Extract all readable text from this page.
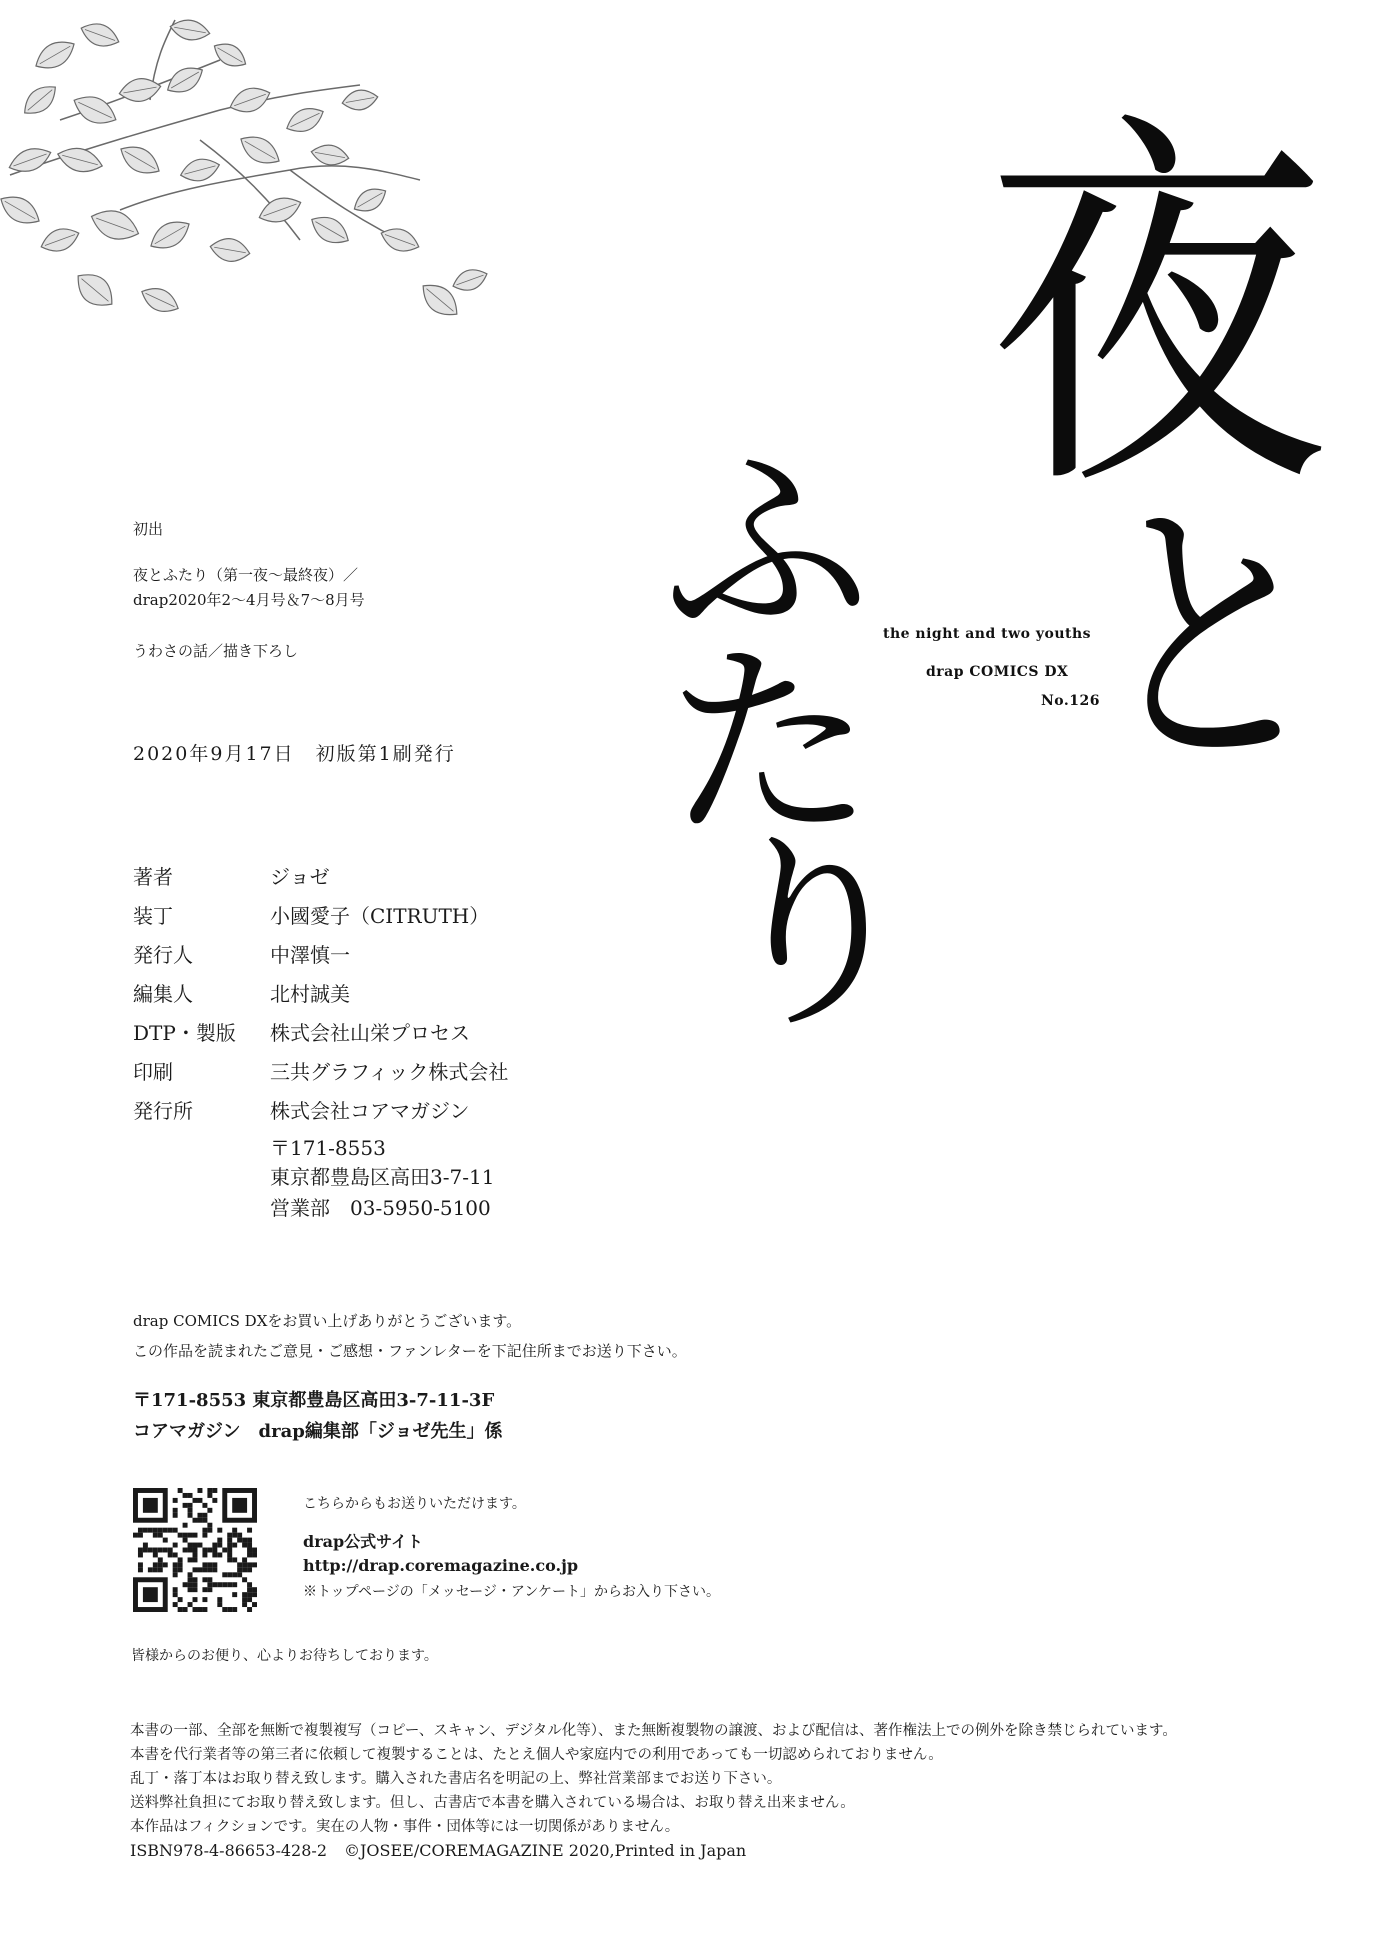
夜
と
ふ
た
り
the night and two youths
drap COMICS DX
No.126
初出
夜とふたり（第一夜〜最終夜）／
drap2020年2〜4月号＆7〜8月号
うわさの話／描き下ろし
2020年9月17日　初版第1刷発行
著者	ジョゼ
装丁	小國愛子（CITRUTH）
発行人	中澤慎一
編集人	北村誠美
DTP・製版 株式会社山栄プロセス
印刷	三共グラフィック株式会社
発行所	株式会社コアマガジン
〒171-8553
東京都豊島区高田3-7-11
営業部　03-5950-5100
drap COMICS DXをお買い上げありがとうございます。
この作品を読まれたご意見・ご感想・ファンレターを下記住所までお送り下さい。
〒171-8553 東京都豊島区高田3-7-11-3F
コアマガジン　drap編集部「ジョゼ先生」係
こちらからもお送りいただけます。
drap公式サイト
http://drap.coremagazine.co.jp
※トップページの「メッセージ・アンケート」からお入り下さい。
皆様からのお便り、心よりお待ちしております。
本書の一部、全部を無断で複製複写（コピー、スキャン、デジタル化等）、また無断複製物の譲渡、および配信は、著作権法上での例外を除き禁じられています。
本書を代行業者等の第三者に依頼して複製することは、たとえ個人や家庭内での利用であっても一切認められておりません。
乱丁・落丁本はお取り替え致します。購入された書店名を明記の上、弊社営業部までお送り下さい。
送料弊社負担にてお取り替え致します。但し、古書店で本書を購入されている場合は、お取り替え出来ません。
本作品はフィクションです。実在の人物・事件・団体等には一切関係がありません。
ISBN978-4-86653-428-2 ©JOSEE/COREMAGAZINE 2020,Printed in Japan
